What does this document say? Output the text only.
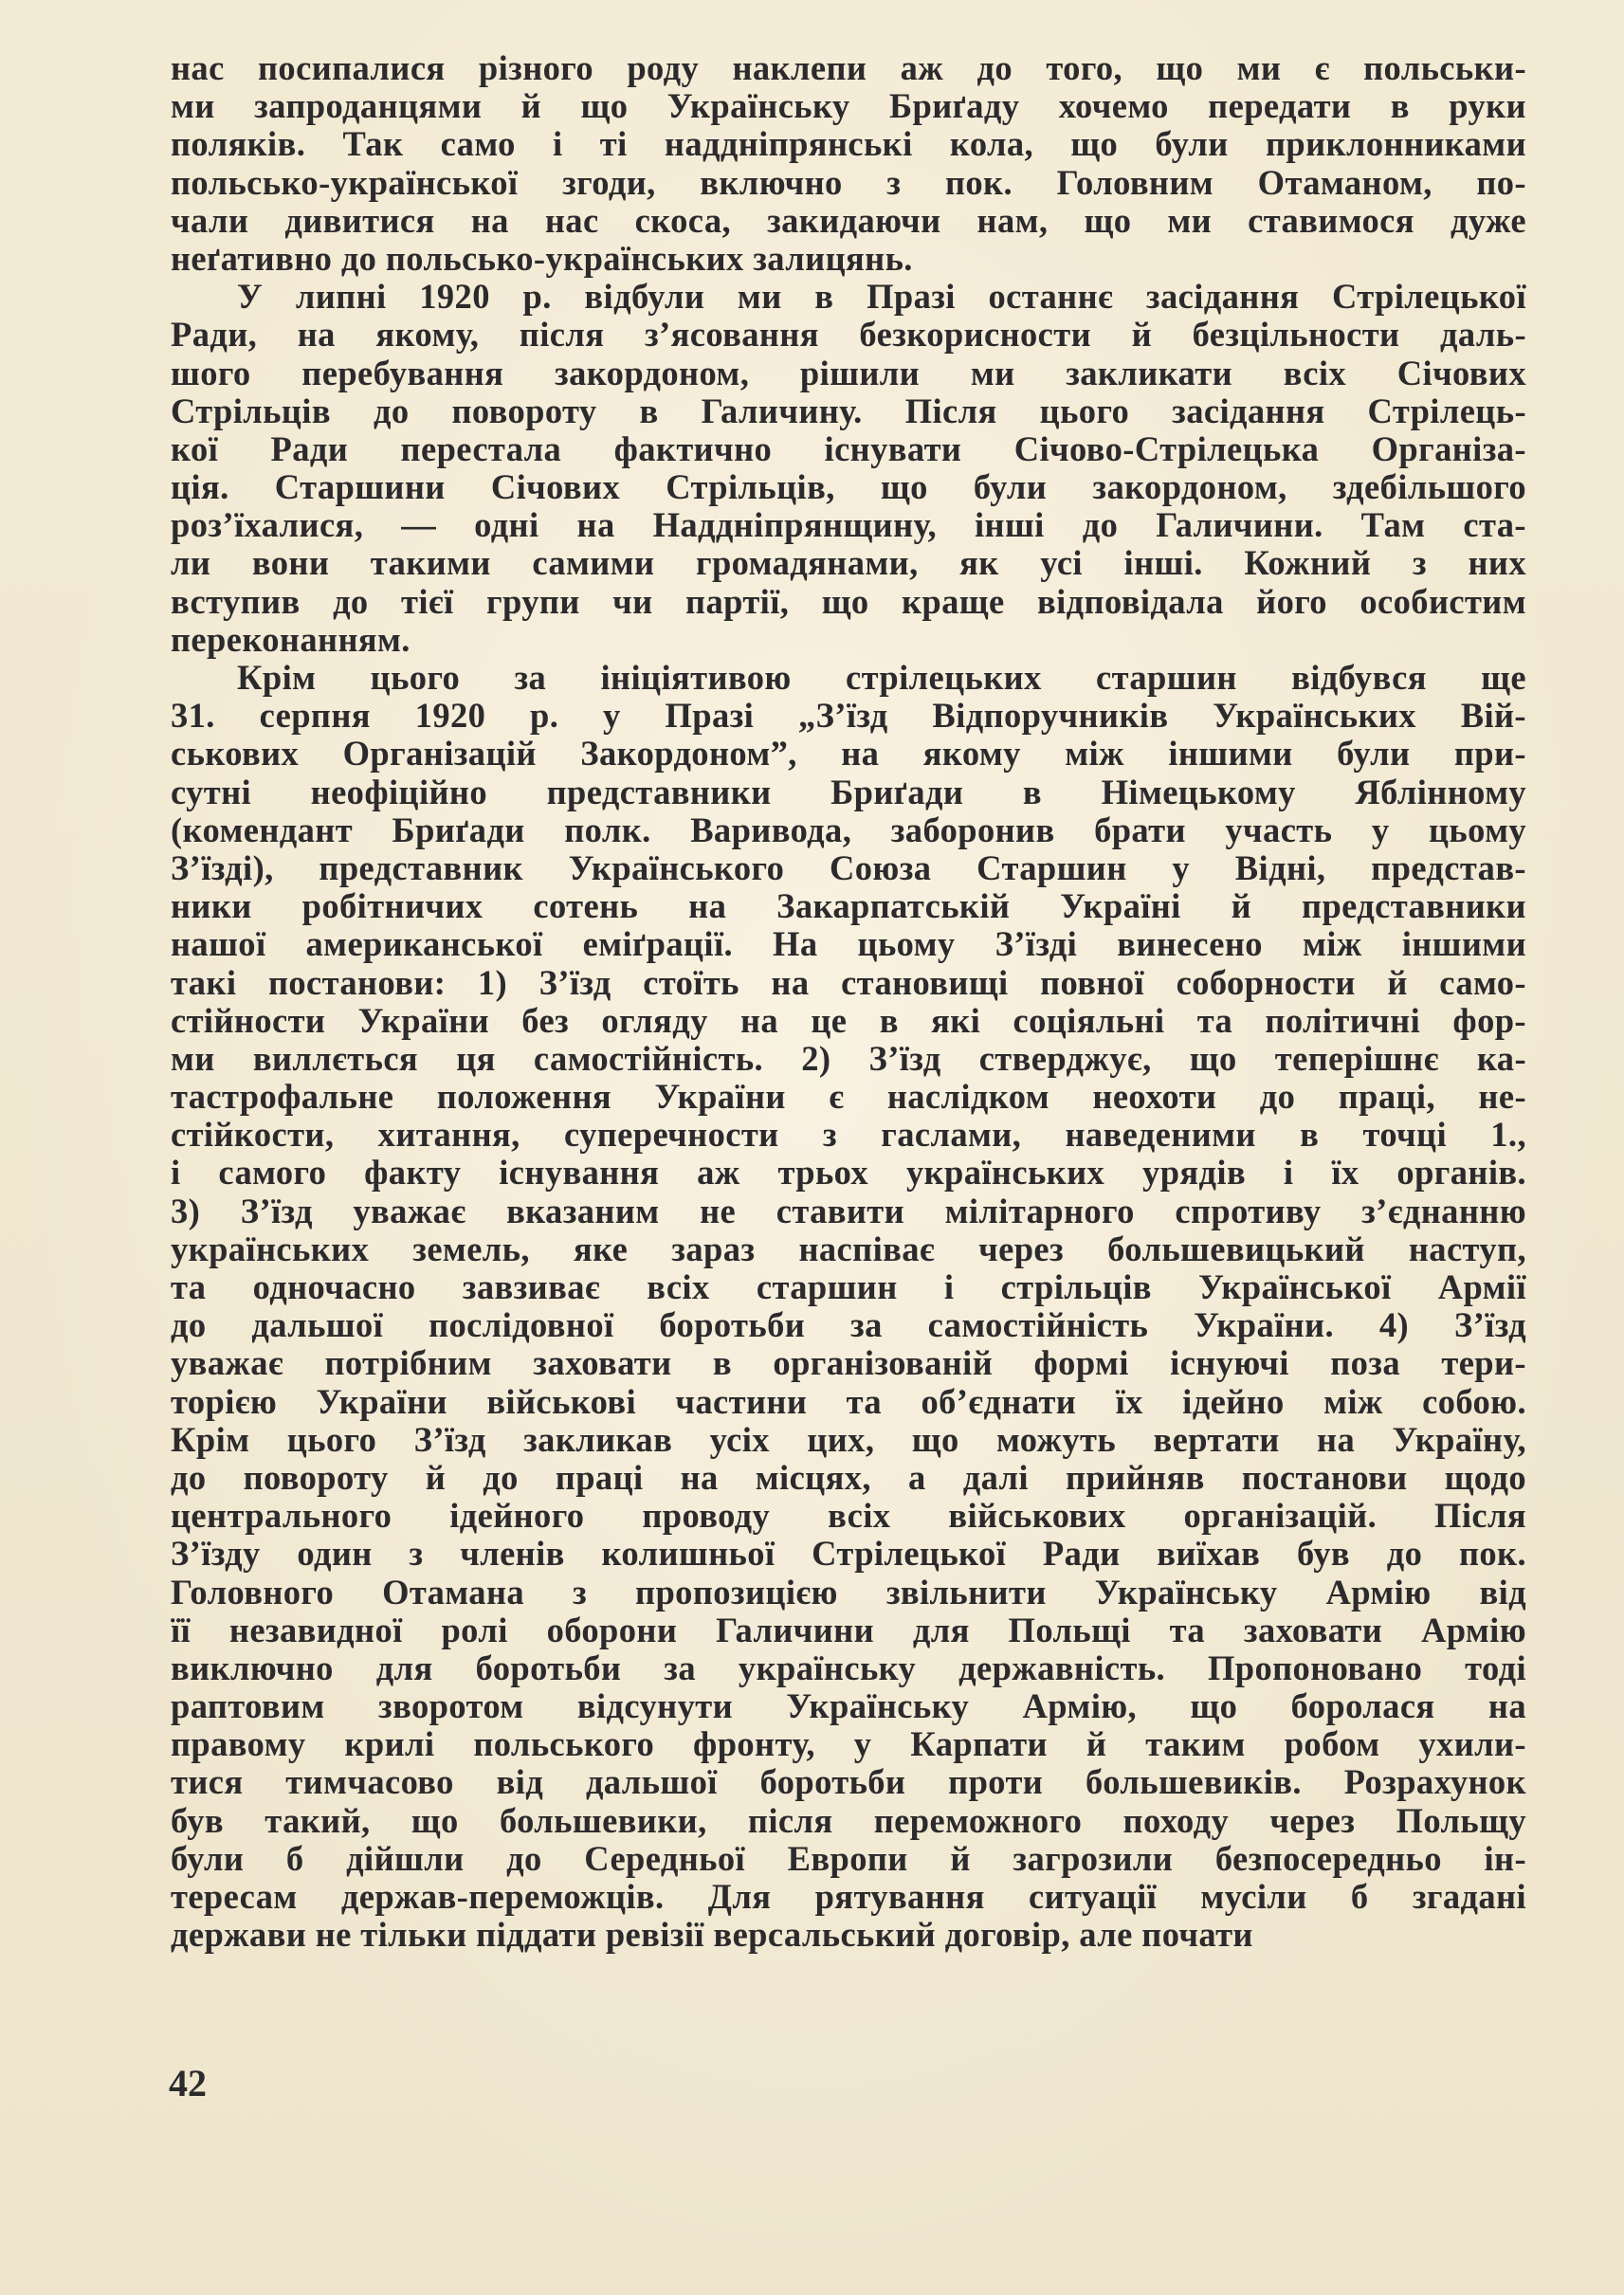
нас посипалися різного роду наклепи аж до того, що ми є польськи-
ми запроданцями й що Українську Бриґаду хочемо передати в руки
поляків. Так само і ті наддніпрянські кола, що були приклонниками
польсько-української згоди, включно з пок. Головним Отаманом, по-
чали дивитися на нас скоса, закидаючи нам, що ми ставимося дуже
неґативно до польсько-українських залицянь.
У липні 1920 р. відбули ми в Празі останнє засідання Стрілецької
Ради, на якому, після з’ясовання безкорисности й безцільности даль-
шого перебування закордоном, рішили ми закликати всіх Січових
Стрільців до повороту в Галичину. Після цього засідання Стрілець-
кої Ради перестала фактично існувати Січово-Стрілецька Організа-
ція. Старшини Січових Стрільців, що були закордоном, здебільшого
роз’їхалися, — одні на Наддніпрянщину, інші до Галичини. Там ста-
ли вони такими самими громадянами, як усі інші. Кожний з них
вступив до тієї групи чи партії, що краще відповідала його особистим
переконанням.
Крім цього за ініціятивою стрілецьких старшин відбувся ще
31. серпня 1920 р. у Празі „З’їзд Відпоручників Українських Вій-
ськових Організацій Закордоном”, на якому між іншими були при-
сутні неофіційно представники Бриґади в Німецькому Яблінному
(комендант Бриґади полк. Варивода, заборонив брати участь у цьому
З’їзді), представник Українського Союза Старшин у Відні, представ-
ники робітничих сотень на Закарпатській Україні й представники
нашої американської еміґрації. На цьому З’їзді винесено між іншими
такі постанови: 1) З’їзд стоїть на становищі повної соборности й само-
стійности України без огляду на це в які соціяльні та політичні фор-
ми виллється ця самостійність. 2) З’їзд стверджує, що теперішнє ка-
тастрофальне положення України є наслідком неохоти до праці, не-
стійкости, хитання, суперечности з гаслами, наведеними в точці 1.,
і самого факту існування аж трьох українських урядів і їх органів.
3) З’їзд уважає вказаним не ставити мілітарного спротиву з’єднанню
українських земель, яке зараз наспіває через большевицький наступ,
та одночасно завзиває всіх старшин і стрільців Української Армії
до дальшої послідовної боротьби за самостійність України. 4) З’їзд
уважає потрібним заховати в організованій формі існуючі поза тери-
торією України військові частини та об’єднати їх ідейно між собою.
Крім цього З’їзд закликав усіх цих, що можуть вертати на Україну,
до повороту й до праці на місцях, а далі прийняв постанови щодо
центрального ідейного проводу всіх військових організацій. Після
З’їзду один з членів колишньої Стрілецької Ради виїхав був до пок.
Головного Отамана з пропозицією звільнити Українську Армію від
її незавидної ролі оборони Галичини для Польщі та заховати Армію
виключно для боротьби за українську державність. Пропоновано тоді
раптовим зворотом відсунути Українську Армію, що боролася на
правому крилі польського фронту, у Карпати й таким робом ухили-
тися тимчасово від дальшої боротьби проти большевиків. Розрахунок
був такий, що большевики, після переможного походу через Польщу
були б дійшли до Середньої Европи й загрозили безпосередньо ін-
тересам держав-переможців. Для рятування ситуації мусіли б згадані
держави не тільки піддати ревізії версальський договір, але почати
42
